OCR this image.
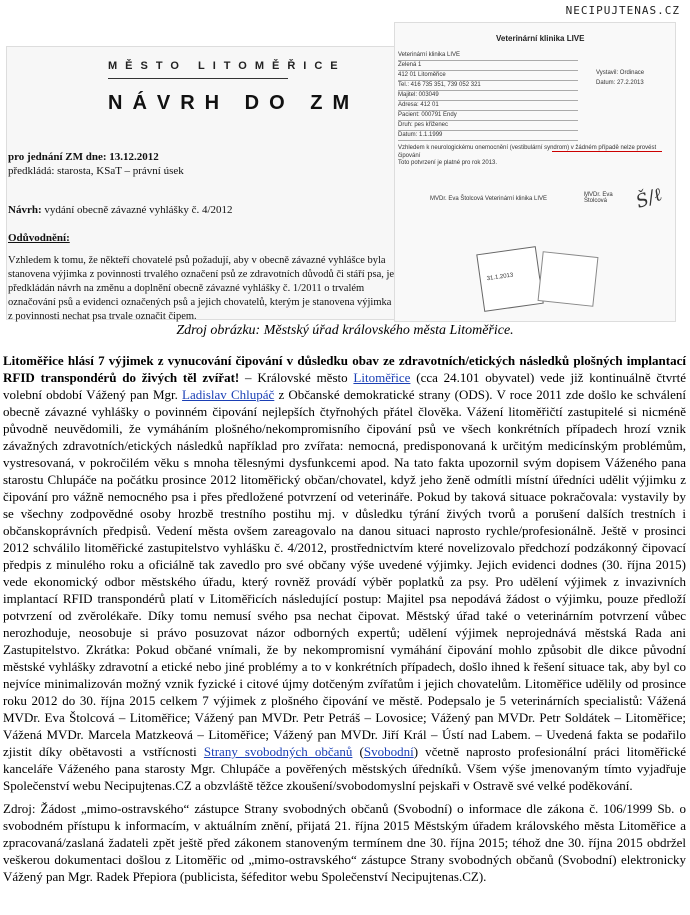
NECIPUJTENAS.CZ
MĚSTO LITOMĚŘICE
NÁVRH DO ZM
pro jednání ZM dne: 13.12.2012
předkládá: starosta, KSaT – právní úsek
Návrh: vydání obecně závazné vyhlášky č. 4/2012
Odůvodnění:
Vzhledem k tomu, že někteří chovatelé psů požadují, aby v obecně závazné vyhlášce byla stanovena výjimka z povinnosti trvalého označení psů ze zdravotních důvodů či stáří psa, je předkládán návrh na změnu a doplnění obecně závazné vyhlášky č. 1/2011 o trvalém označování psů a evidenci označených psů a jejich chovatelů, kterým je stanovena výjimka z povinnosti nechat psa trvale označit čipem.
Veterinární klinika LIVE
Veterinární klinika LIVE
Zelená 1
412 01 Litoměřice
Tel.: 416 735 351, 739 052 321
Majitel: 003049
Adresa: 412 01
Pacient: 000791 Endy
Druh: pes křiženec
Datum: 1.1.1999
Vystavil: Ordinace
Datum: 27.2.2013
Vzhledem k neurologickému onemocnění (vestibulární syndrom) v žádném případě nelze provést čipování
Toto potvrzení je platné pro rok 2013.
MVDr. Eva Štolcová Veterinární klinika LIVE
MVDr. Eva Štolcová	Š/ℓ
31.1.2013
Zdroj obrázku: Městský úřad královského města Litoměřice.

Litoměřice hlásí 7 výjimek z vynucování čipování v důsledku obav ze zdravotních/etických následků plošných implantací RFID transpondérů do živých těl zvířat! – Královské město Litoměřice (cca 24.101 obyvatel) vede již kontinuálně čtvrté volební období Vážený pan Mgr. Ladislav Chlupáč z Občanské demokratické strany (ODS). V roce 2011 zde došlo ke schválení obecně závazné vyhlášky o povinném čipování nejlepších čtyřnohých přátel člověka. Vážení litoměřičtí zastupitelé si nicméně původně neuvědomili, že vymáháním plošného/nekompromisního čipování psů ve všech konkrétních případech hrozí vznik závažných zdravotních/etických následků například pro zvířata: nemocná, predisponovaná k určitým medicínským problémům, vystresovaná, v pokročilém věku s mnoha tělesnými dysfunkcemi apod. Na tato fakta upozornil svým dopisem Váženého pana starostu Chlupáče na počátku prosince 2012 litoměřický občan/chovatel, když jeho ženě odmítli místní úředníci udělit výjimku z čipování pro vážně nemocného psa i přes předložené potvrzení od veterináře. Pokud by taková situace pokračovala: vystavily by se všechny zodpovědné osoby hrozbě trestního postihu mj. v důsledku týrání živých tvorů a porušení dalších trestních i občanskoprávních předpisů. Vedení města ovšem zareagovalo na danou situaci naprosto rychle/profesionálně. Ještě v prosinci 2012 schválilo litoměřické zastupitelstvo vyhlášku č. 4/2012, prostřednictvím které novelizovalo předchozí podzákonný čipovací předpis z minulého roku a oficiálně tak zavedlo pro své občany výše uvedené výjimky. Jejich evidenci dodnes (30. října 2015) vede ekonomický odbor městského úřadu, který rovněž provádí výběr poplatků za psy. Pro udělení výjimek z invazivních implantací RFID transpondérů platí v Litoměřicích následující postup: Majitel psa nepodává žádost o výjimku, pouze předloží potvrzení od zvěrolékaře. Díky tomu nemusí svého psa nechat čipovat. Městský úřad také o veterinárním potvrzení vůbec nerozhoduje, neosobuje si právo posuzovat názor odborných expertů; udělení výjimek neprojednává městská Rada ani Zastupitelstvo. Zkrátka: Pokud občané vnímali, že by nekompromisní vymáhání čipování mohlo způsobit dle dikce původní městské vyhlášky zdravotní a etické nebo jiné problémy a to v konkrétních případech, došlo ihned k řešení situace tak, aby byl co nejvíce minimalizován možný vznik fyzické i citové újmy dotčeným zvířatům i jejich chovatelům. Litoměřice udělily od prosince roku 2012 do 30. října 2015 celkem 7 výjimek z plošného čipování ve městě. Podepsalo je 5 veterinárních specialistů: Vážená MVDr. Eva Štolcová – Litoměřice; Vážený pan MVDr. Petr Petráš – Lovosice; Vážený pan MVDr. Petr Soldátek – Litoměřice; Vážená MVDr. Marcela Matzkeová – Litoměřice; Vážený pan MVDr. Jiří Král – Ústí nad Labem. – Uvedená fakta se podařilo zjistit díky obětavosti a vstřícnosti Strany svobodných občanů (Svobodní) včetně naprosto profesionální práci litoměřické kanceláře Váženého pana starosty Mgr. Chlupáče a pověřených městských úředníků. Všem výše jmenovaným tímto vyjadřuje Společenství webu Necipujtenas.CZ a obzvláště těžce zkoušení/svobodomyslní pejskaři v Ostravě své velké poděkování.

Zdroj: Žádost „mimo-ostravského“ zástupce Strany svobodných občanů (Svobodní) o informace dle zákona č. 106/1999 Sb. o svobodném přístupu k informacím, v aktuálním znění, přijatá 21. října 2015 Městským úřadem královského města Litoměřice a zpracovaná/zaslaná žadateli zpět ještě před zákonem stanoveným termínem dne 30. října 2015; téhož dne 30. října 2015 obdržel veškerou dokumentaci došlou z Litoměřic od „mimo-ostravského“ zástupce Strany svobodných občanů (Svobodní) elektronicky Vážený pan Mgr. Radek Přepiora (publicista, šéfeditor webu Společenství Necipujtenas.CZ).
